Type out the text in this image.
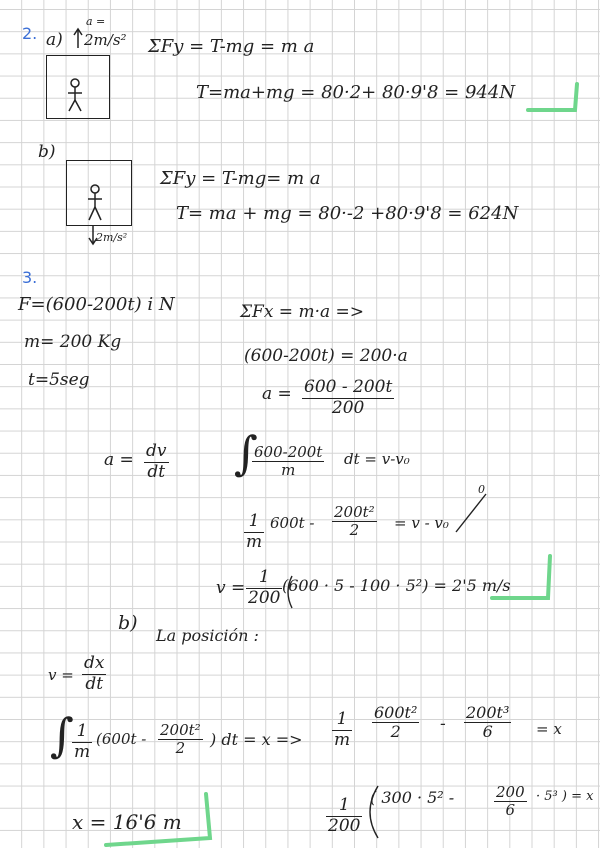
2. a)
a =
2m/s² ΣFy = T-mg = m a
T=ma+mg = 80·2+ 80·9'8 = 944N
b)
2m/s²
ΣFy = T-mg= m a
T= ma + mg = 80·-2 +80·9'8 = 624N
3.
F=(600-200t) i N
m= 200 Kg
t=5seg
ΣFx = m·a =>
(600-200t) = 200·a
$a = \frac{600 - 200t}{200}$
$a = \frac{dv}{dt}$ ∫
$\frac{600-200t}{m}$ dt = v-v₀
$\frac{1}{m} 600t - \frac{\text{200t²}}{2} = v - v_0$
0
$v = \frac{1}{200} (600 \cdot 5 - 100 \cdot 5^2) = 2'5$ m/s
b)
La posición :
$v = \frac{dx}{dt}$
∫
$\frac{1}{m} (600t - \frac{\text{200t²}}{2}$ ) dt = $x => \frac{1}{m} \frac{\text{600t²}}{2} - \frac{\text{200t³}}{6} = x$
x = 16'6 m	$\frac{1}{200}$ ( 300 · 5² -	$\frac{200}{6} \cdot 5^3$ ) = x
